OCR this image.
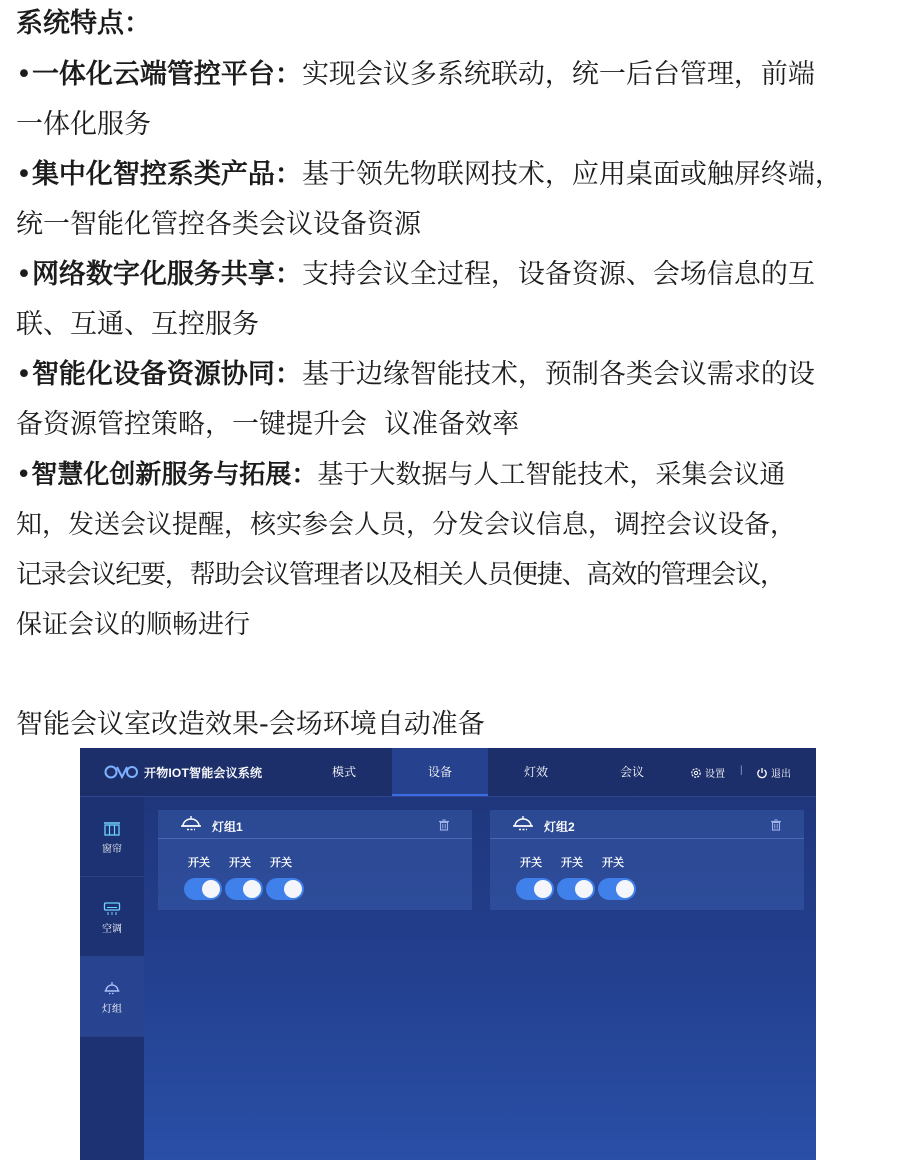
系统特点：
•一体化云端管控平台：实现会议多系统联动，统一后台管理，前端
一体化服务
•集中化智控系类产品：基于领先物联网技术，应用桌面或触屏终端，
统一智能化管控各类会议设备资源
•网络数字化服务共享：支持会议全过程，设备资源、会场信息的互
联、互通、互控服务
•智能化设备资源协同：基于边缘智能技术，预制各类会议需求的设
备资源管控策略，一键提升会  议准备效率
•智慧化创新服务与拓展：基于大数据与人工智能技术，采集会议通
知，发送会议提醒，核实参会人员，分发会议信息，调控会议设备，
记录会议纪要，帮助会议管理者以及相关人员便捷、高效的管理会议，
保证会议的顺畅进行
智能会议室改造效果-会场环境自动准备
开物IOT智能会议系统	模式	设备	灯效	会议	设置 |	退出
窗帘
空调
灯组
灯组1
开关 开关 开关
灯组2
开关 开关 开关
